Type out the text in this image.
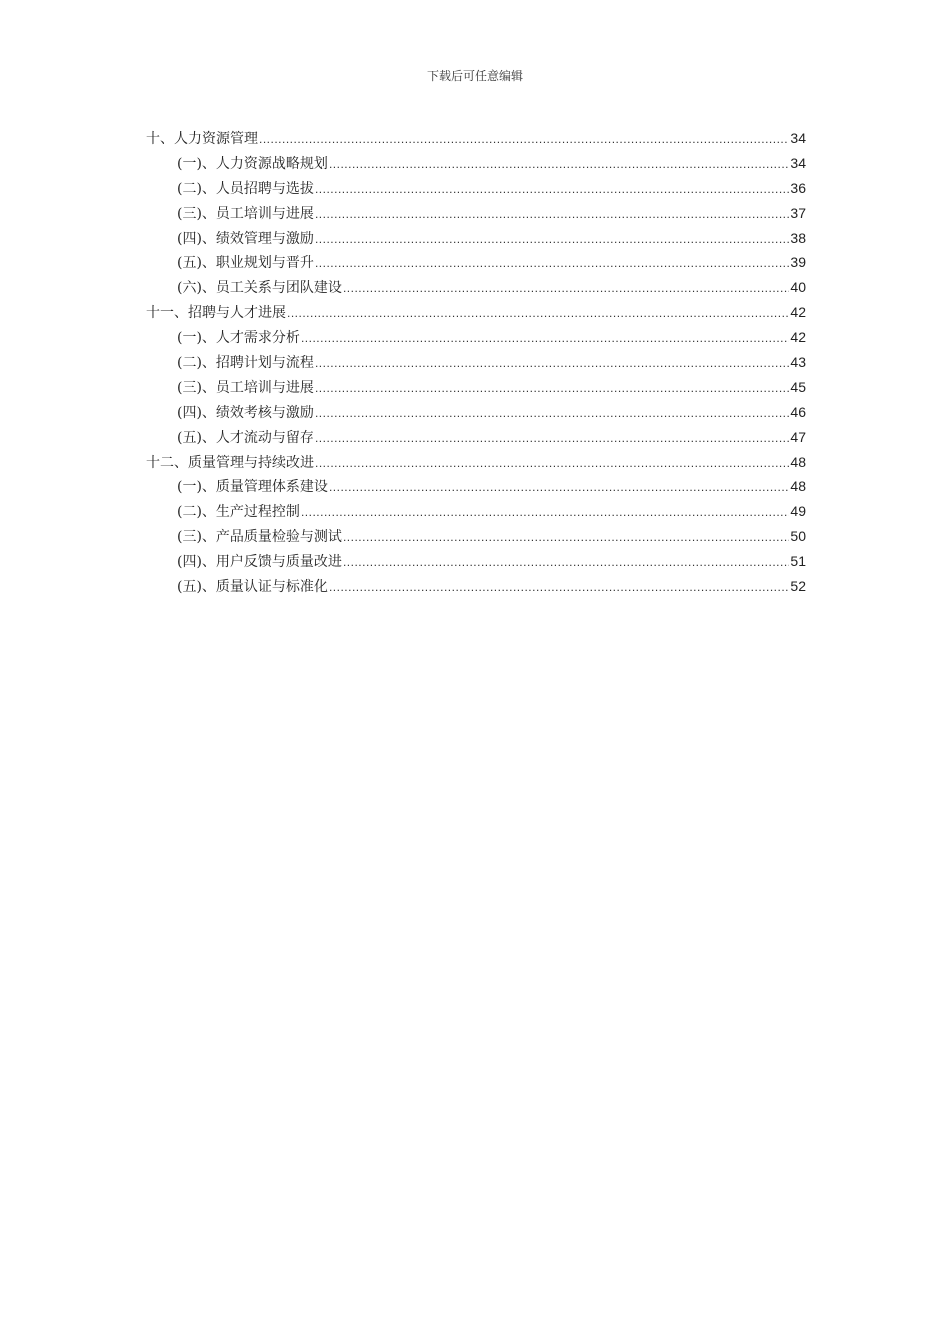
下载后可任意编辑
十、人力资源管理 .....	34
(一)、人力资源战略规划 .....	34
(二)、人员招聘与选拔 .....	36
(三)、员工培训与进展 .....	37
(四)、绩效管理与激励 .....	38
(五)、职业规划与晋升 .....	39
(六)、员工关系与团队建设 .....	40
十一、招聘与人才进展 .....	42
(一)、人才需求分析 .....	42
(二)、招聘计划与流程 .....	43
(三)、员工培训与进展 .....	45
(四)、绩效考核与激励 .....	46
(五)、人才流动与留存 .....	47
十二、质量管理与持续改进 .....	48
(一)、质量管理体系建设 .....	48
(二)、生产过程控制 .....	49
(三)、产品质量检验与测试 .....	50
(四)、用户反馈与质量改进 .....	51
(五)、质量认证与标准化 .....	52
